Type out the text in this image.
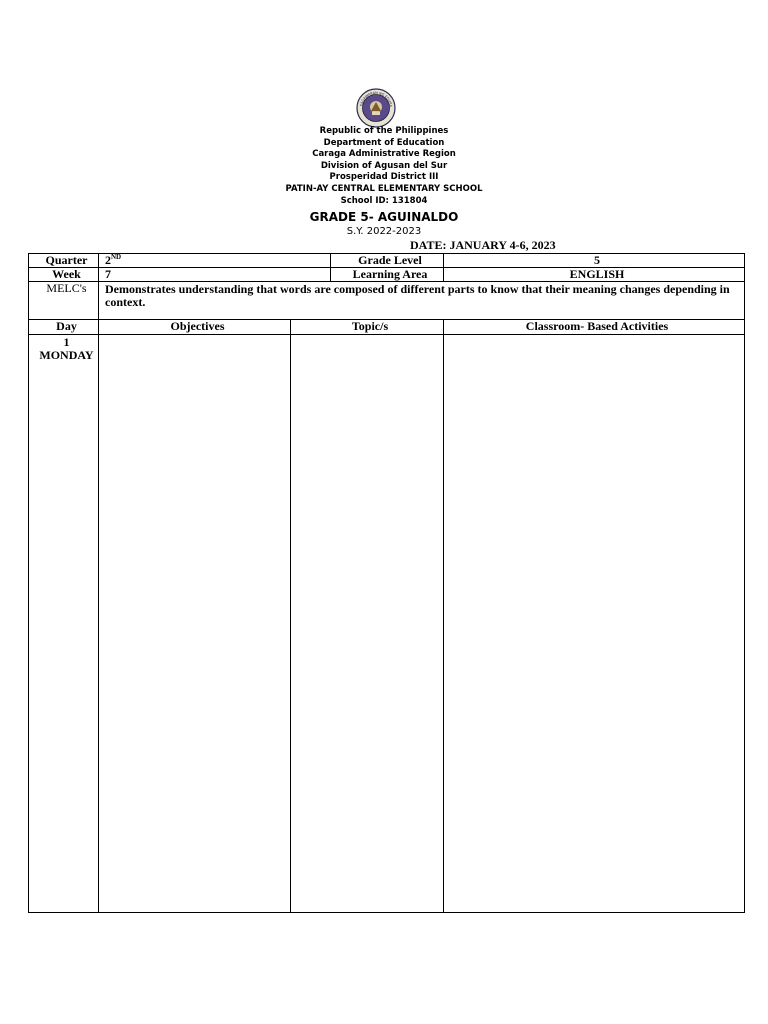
KAGAWARAN NG EDUKA
Republic of the Philippines
Department of Education
Caraga Administrative Region
Division of Agusan del Sur
Prosperidad District III
PATIN-AY CENTRAL ELEMENTARY SCHOOL
School ID: 131804
GRADE 5- AGUINALDO
S.Y. 2022-2023
DATE: JANUARY 4-6, 2023
Quarter	2ND		Grade Level	5
Week	7		Learning Area	ENGLISH
MELC's	Demonstrates understanding that words are composed of different parts to know that their meaning changes depending in context.			
Day	Objectives	Topic/s		Classroom- Based Activities

1
MONDAY				
